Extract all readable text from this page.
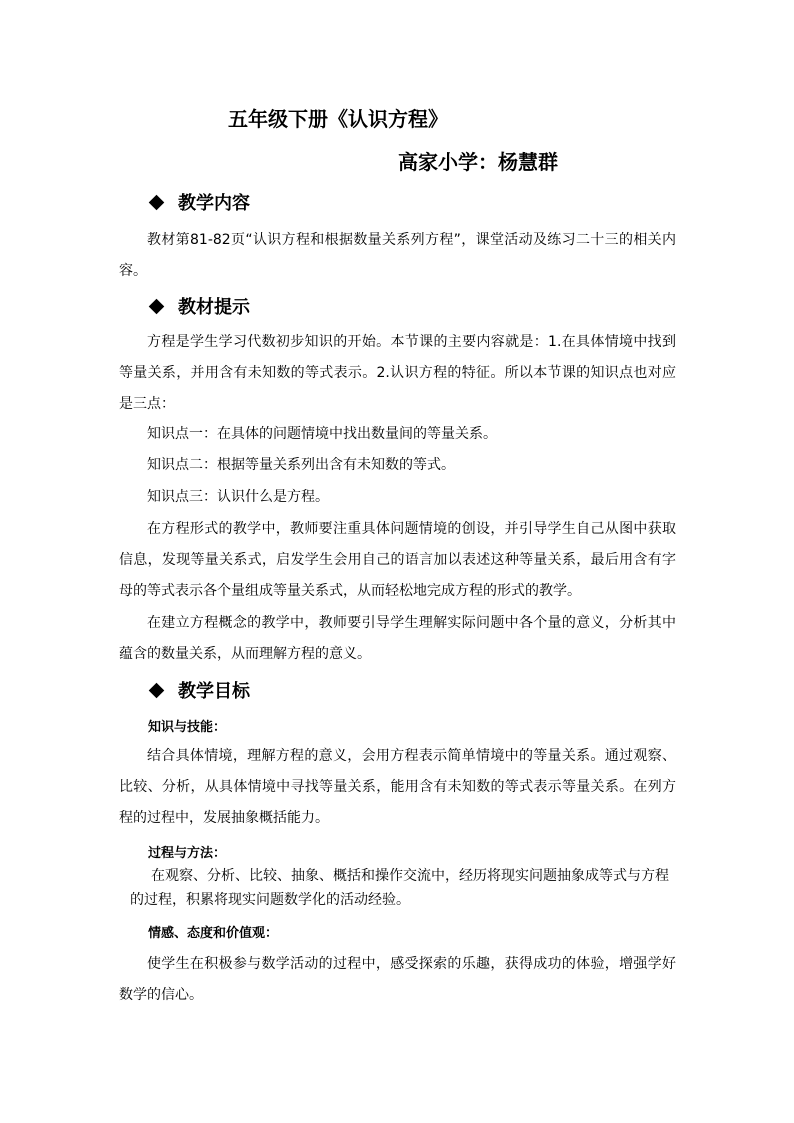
五年级下册《认识方程》
高家小学：杨慧群
教学内容

教材第81-82页“认识方程和根据数量关系列方程”，课堂活动及练习二十三的相关内容。

教材提示

方程是学生学习代数初步知识的开始。本节课的主要内容就是：1.在具体情境中找到等量关系，并用含有未知数的等式表示。2.认识方程的特征。所以本节课的知识点也对应是三点：

知识点一：在具体的问题情境中找出数量间的等量关系。
知识点二：根据等量关系列出含有未知数的等式。
知识点三：认识什么是方程。

在方程形式的教学中，教师要注重具体问题情境的创设，并引导学生自己从图中获取信息，发现等量关系式，启发学生会用自己的语言加以表述这种等量关系，最后用含有字母的等式表示各个量组成等量关系式，从而轻松地完成方程的形式的教学。

在建立方程概念的教学中，教师要引导学生理解实际问题中各个量的意义，分析其中蕴含的数量关系，从而理解方程的意义。

教学目标
知识与技能：

结合具体情境，理解方程的意义，会用方程表示简单情境中的等量关系。通过观察、比较、分析，从具体情境中寻找等量关系，能用含有未知数的等式表示等量关系。在列方程的过程中，发展抽象概括能力。

过程与方法：

在观察、分析、比较、抽象、概括和操作交流中，经历将现实问题抽象成等式与方程的过程，积累将现实问题数学化的活动经验。

情感、态度和价值观：

使学生在积极参与数学活动的过程中，感受探索的乐趣，获得成功的体验，增强学好数学的信心。
